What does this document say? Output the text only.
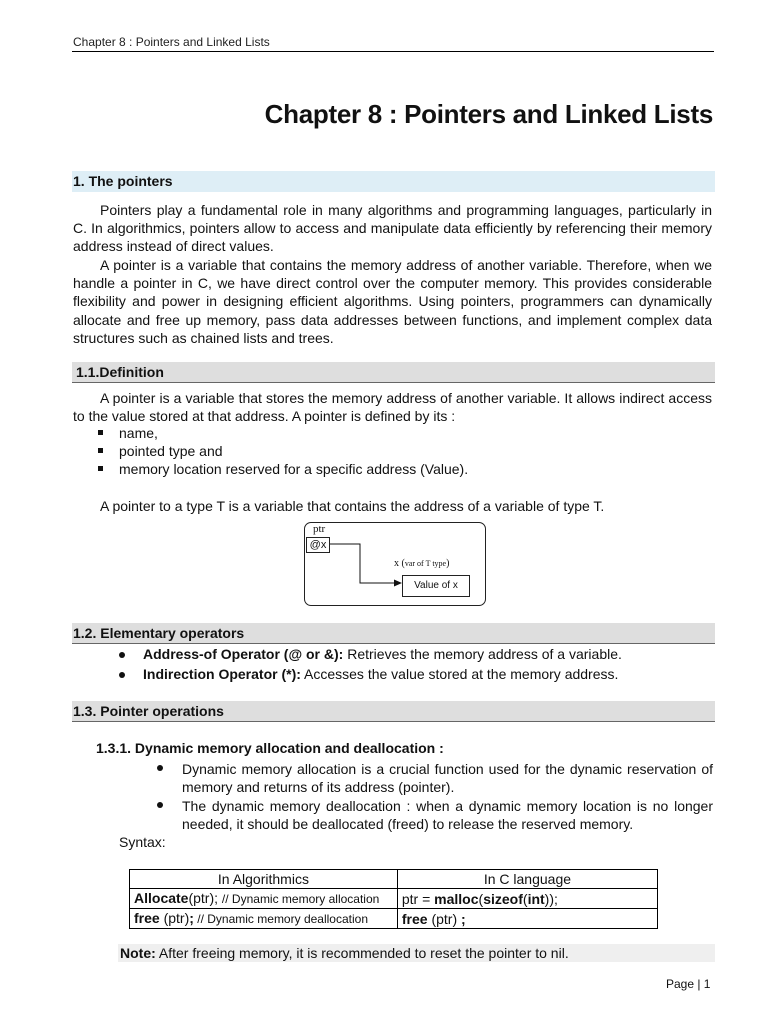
Chapter 8 : Pointers and Linked Lists
Chapter 8 : Pointers and Linked Lists
1. The pointers
Pointers play a fundamental role in many algorithms and programming languages, particularly in C. In algorithmics, pointers allow to access and manipulate data efficiently by referencing their memory address instead of direct values.
A pointer is a variable that contains the memory address of another variable. Therefore, when we handle a pointer in C, we have direct control over the computer memory. This provides considerable flexibility and power in designing efficient algorithms. Using pointers, programmers can dynamically allocate and free up memory, pass data addresses between functions, and implement complex data structures such as chained lists and trees.
1.1.Definition
A pointer is a variable that stores the memory address of another variable. It allows indirect access to the value stored at that address. A pointer is defined by its :
name,
pointed type and
memory location reserved for a specific address (Value).
A pointer to a type T is a variable that contains the address of a variable of type T.
ptr
@x
x (var of T type)
Value of x
1.2. Elementary operators
Address-of Operator (@ or &): Retrieves the memory address of a variable.
Indirection Operator (*): Accesses the value stored at the memory address.
1.3. Pointer operations
1.3.1. Dynamic memory allocation and deallocation :
Dynamic memory allocation is a crucial function used for the dynamic reservation of memory and returns of its address (pointer).
The dynamic memory deallocation : when a dynamic memory location is no longer needed, it should be deallocated (freed) to release the reserved memory.
Syntax:
In Algorithmics	In C language
Allocate(ptr); // Dynamic memory allocation	ptr = malloc(sizeof(int));
free (ptr); // Dynamic memory deallocation	free (ptr) ;
Note: After freeing memory, it is recommended to reset the pointer to nil.
Page | 1
